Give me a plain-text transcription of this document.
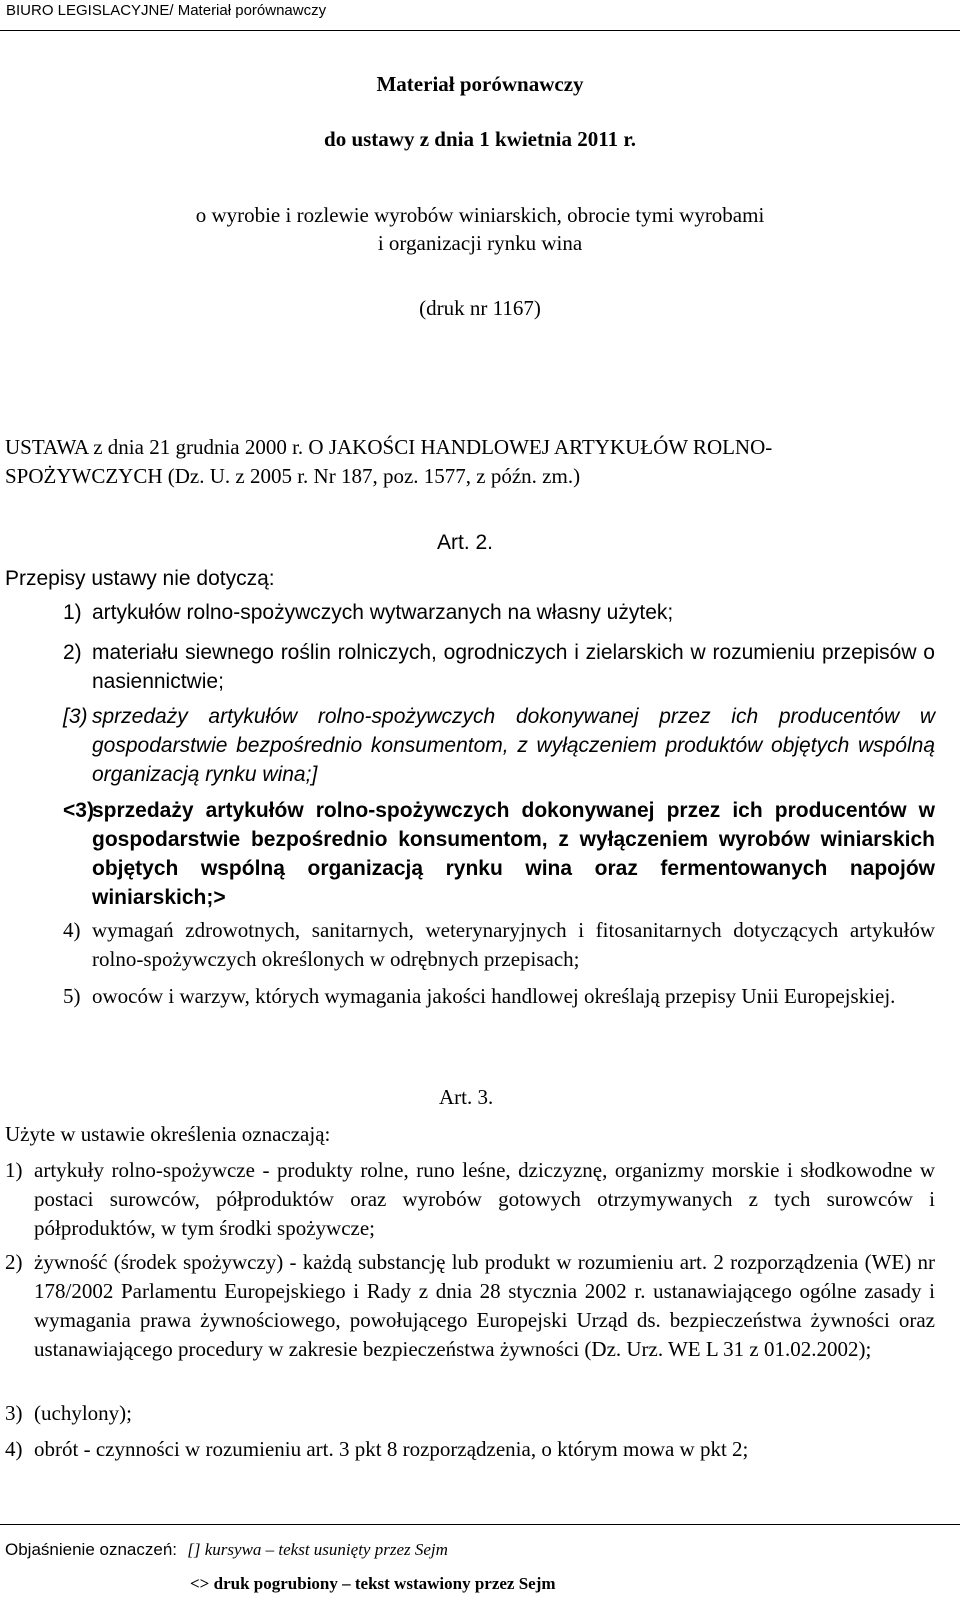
BIURO LEGISLACYJNE/ Materiał porównawczy
Materiał porównawczy
do ustawy z dnia 1 kwietnia 2011 r.
o wyrobie i rozlewie wyrobów winiarskich, obrocie tymi wyrobami
i organizacji rynku wina
(druk nr 1167)
USTAWA z dnia 21 grudnia 2000 r. O JAKOŚCI HANDLOWEJ ARTYKUŁÓW ROLNO-
SPOŻYWCZYCH (Dz. U. z 2005 r. Nr 187, poz. 1577, z późn. zm.)
Art. 2.
Przepisy ustawy nie dotyczą:
1) artykułów rolno-spożywczych wytwarzanych na własny użytek;
2) materiału siewnego roślin rolniczych, ogrodniczych i zielarskich w rozumieniu przepisów o nasiennictwie;
[3) sprzedaży artykułów rolno-spożywczych dokonywanej przez ich producentów w gospodarstwie bezpośrednio konsumentom, z wyłączeniem produktów objętych wspólną organizacją rynku wina;]
<3)
sprzedaży artykułów rolno-spożywczych dokonywanej przez ich producentów w gospodarstwie bezpośrednio konsumentom, z wyłączeniem wyrobów winiarskich objętych wspólną organizacją rynku wina oraz fermentowanych napojów winiarskich;>
4) wymagań zdrowotnych, sanitarnych, weterynaryjnych i fitosanitarnych dotyczących artykułów rolno-spożywczych określonych w odrębnych przepisach;
5) owoców i warzyw, których wymagania jakości handlowej określają przepisy Unii Europejskiej.
Art. 3.
Użyte w ustawie określenia oznaczają:
1) artykuły rolno-spożywcze - produkty rolne, runo leśne, dziczyznę, organizmy morskie i słodkowodne w postaci surowców, półproduktów oraz wyrobów gotowych otrzymywanych z tych surowców i półproduktów, w tym środki spożywcze;
2) żywność (środek spożywczy) - każdą substancję lub produkt w rozumieniu art. 2 rozporządzenia (WE) nr 178/2002 Parlamentu Europejskiego i Rady z dnia 28 stycznia 2002 r. ustanawiającego ogólne zasady i wymagania prawa żywnościowego, powołującego Europejski Urząd ds. bezpieczeństwa żywności oraz ustanawiającego procedury w zakresie bezpieczeństwa żywności (Dz. Urz. WE L 31 z 01.02.2002);
3) (uchylony);
4) obrót - czynności w rozumieniu art. 3 pkt 8 rozporządzenia, o którym mowa w pkt 2;
Objaśnienie oznaczeń: [] kursywa – tekst usunięty przez Sejm
<> druk pogrubiony – tekst wstawiony przez Sejm
